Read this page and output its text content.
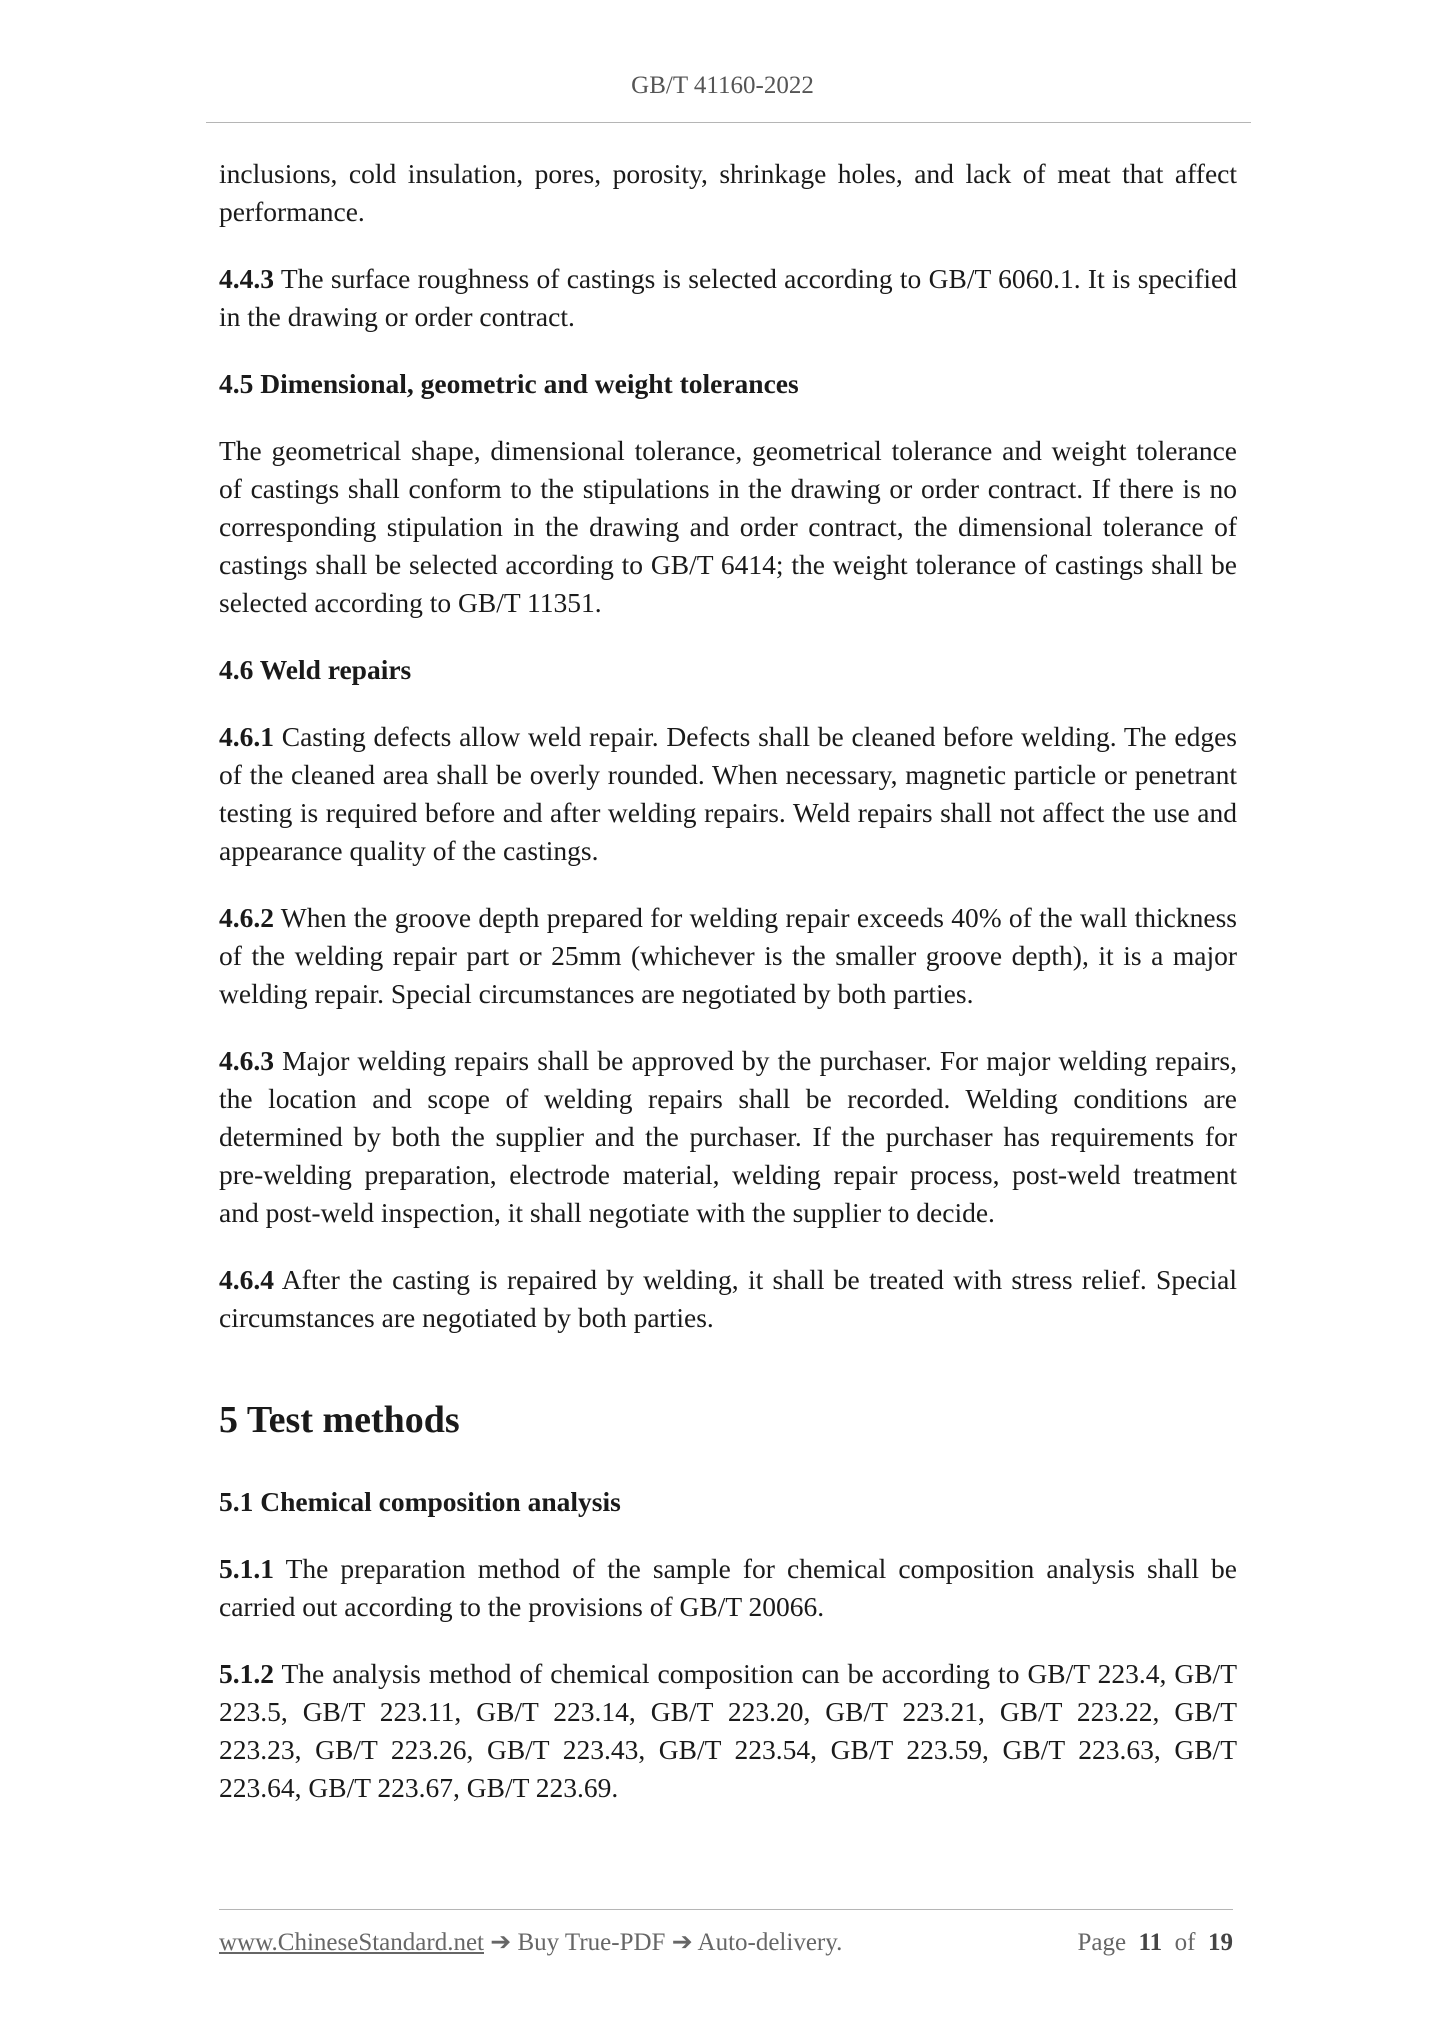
GB/T 41160-2022

inclusions, cold insulation, pores, porosity, shrinkage holes, and lack of meat that affect performance.

4.4.3 The surface roughness of castings is selected according to GB/T 6060.1. It is specified in the drawing or order contract.

4.5 Dimensional, geometric and weight tolerances

The geometrical shape, dimensional tolerance, geometrical tolerance and weight tolerance of castings shall conform to the stipulations in the drawing or order contract. If there is no corresponding stipulation in the drawing and order contract, the dimensional tolerance of castings shall be selected according to GB/T 6414; the weight tolerance of castings shall be selected according to GB/T 11351.

4.6 Weld repairs

4.6.1 Casting defects allow weld repair. Defects shall be cleaned before welding. The edges of the cleaned area shall be overly rounded. When necessary, magnetic particle or penetrant testing is required before and after welding repairs. Weld repairs shall not affect the use and appearance quality of the castings.

4.6.2 When the groove depth prepared for welding repair exceeds 40% of the wall thickness of the welding repair part or 25mm (whichever is the smaller groove depth), it is a major welding repair. Special circumstances are negotiated by both parties.

4.6.3 Major welding repairs shall be approved by the purchaser. For major welding repairs, the location and scope of welding repairs shall be recorded. Welding conditions are determined by both the supplier and the purchaser. If the purchaser has requirements for pre-welding preparation, electrode material, welding repair process, post-weld treatment and post-weld inspection, it shall negotiate with the supplier to decide.

4.6.4 After the casting is repaired by welding, it shall be treated with stress relief. Special circumstances are negotiated by both parties.

5 Test methods

5.1 Chemical composition analysis

5.1.1 The preparation method of the sample for chemical composition analysis shall be carried out according to the provisions of GB/T 20066.

5.1.2 The analysis method of chemical composition can be according to GB/T 223.4, GB/T 223.5, GB/T 223.11, GB/T 223.14, GB/T 223.20, GB/T 223.21, GB/T 223.22, GB/T 223.23, GB/T 223.26, GB/T 223.43, GB/T 223.54, GB/T 223.59, GB/T 223.63, GB/T 223.64, GB/T 223.67, GB/T 223.69.

www.ChineseStandard.net ➔ Buy True-PDF ➔ Auto-delivery.	Page 11 of 19
